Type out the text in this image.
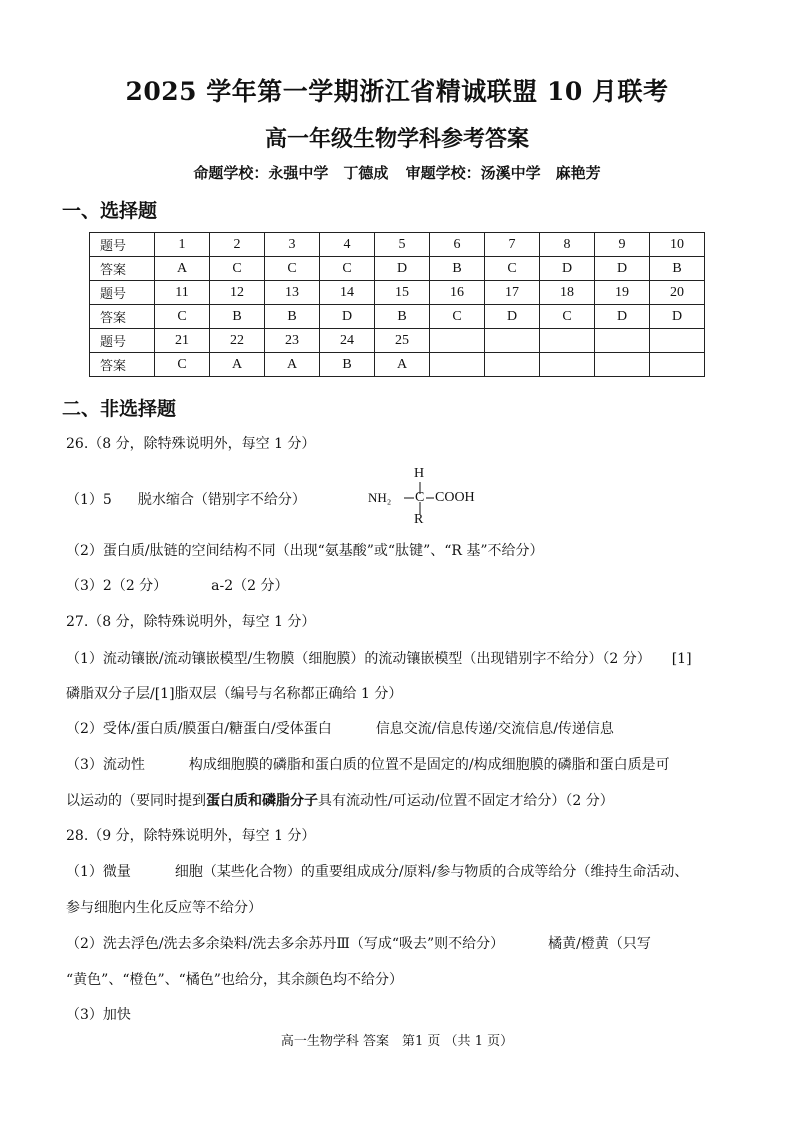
2025 学年第一学期浙江省精诚联盟 10 月联考
高一年级生物学科参考答案
命题学校：永强中学　丁德成 审题学校：汤溪中学　麻艳芳
一、选择题
题号	1	2	3	4	5	6	7	8	9	10
答案	A	C	C	C	D	B	C	D	D	B
题号	11	12	13	14	15	16	17	18	19	20
答案	C	B	B	D	B	C	D	C	D	D
题号	21	22	23	24	25					
答案	C	A	A	B	A					
二、非选择题
26.（8 分，除特殊说明外，每空 1 分）
（1）5 脱水缩合（错别字不给分）
H
NH₂ C COOH
R
（2）蛋白质/肽链的空间结构不同（出现“氨基酸”或“肽键”、“R 基”不给分）
（3）2（2 分）	a-2（2 分）
27.（8 分，除特殊说明外，每空 1 分）
（1）流动镶嵌/流动镶嵌模型/生物膜（细胞膜）的流动镶嵌模型（出现错别字不给分）（2 分）　　[1]
磷脂双分子层/[1]脂双层（编号与名称都正确给 1 分）
（2）受体/蛋白质/膜蛋白/糖蛋白/受体蛋白	信息交流/信息传递/交流信息/传递信息
（3）流动性	构成细胞膜的磷脂和蛋白质的位置不是固定的/构成细胞膜的磷脂和蛋白质是可
以运动的（要同时提到蛋白质和磷脂分子具有流动性/可运动/位置不固定才给分）（2 分）
28.（9 分，除特殊说明外，每空 1 分）
（1）微量	细胞（某些化合物）的重要组成成分/原料/参与物质的合成等给分（维持生命活动、
参与细胞内生化反应等不给分）
（2）洗去浮色/洗去多余染料/洗去多余苏丹Ⅲ（写成“吸去”则不给分）	橘黄/橙黄（只写
“黄色”、“橙色”、“橘色”也给分，其余颜色均不给分）
（3）加快
高一生物学科 答案　第1 页 （共 1 页）
